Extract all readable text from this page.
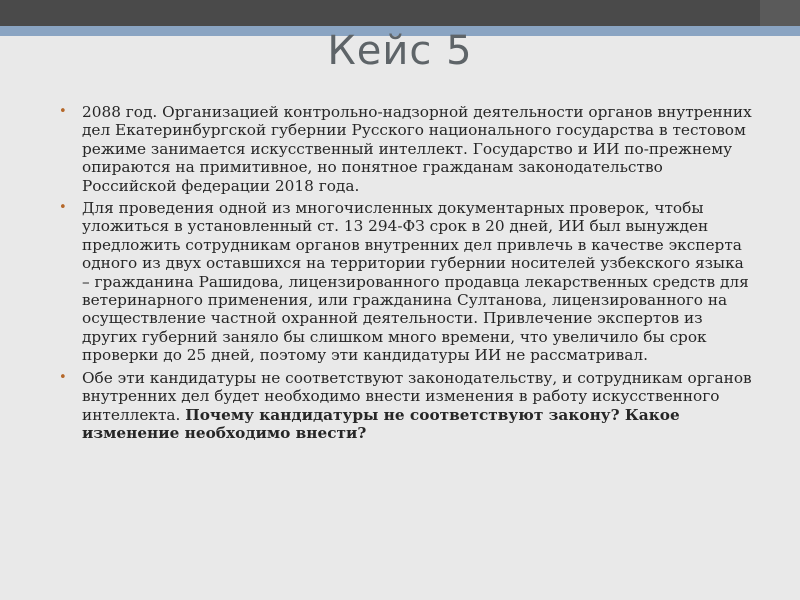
Кейс 5
• 2088 год. Организацией контрольно-надзорной деятельности органов внутренних дел Екатеринбургской губернии Русского национального государства в тестовом режиме занимается искусственный интеллект. Государство и ИИ по-прежнему опираются на примитивное, но понятное гражданам законодательство Российской федерации 2018 года.
• Для проведения одной из многочисленных документарных проверок, чтобы уложиться в установленный ст. 13 294-ФЗ срок в 20 дней, ИИ был вынужден предложить сотрудникам органов внутренних дел привлечь в качестве эксперта одного из двух оставшихся на территории губернии носителей узбекского языка – гражданина Рашидова, лицензированного продавца лекарственных средств для ветеринарного применения, или гражданина Султанова, лицензированного на осуществление частной охранной деятельности. Привлечение экспертов из других губерний заняло бы слишком много времени, что увеличило бы срок проверки до 25 дней, поэтому эти кандидатуры ИИ не рассматривал.
• Обе эти кандидатуры не соответствуют законодательству, и сотрудникам органов внутренних дел будет необходимо внести изменения в работу искусственного интеллекта. Почему кандидатуры не соответствуют закону? Какое изменение необходимо внести?
